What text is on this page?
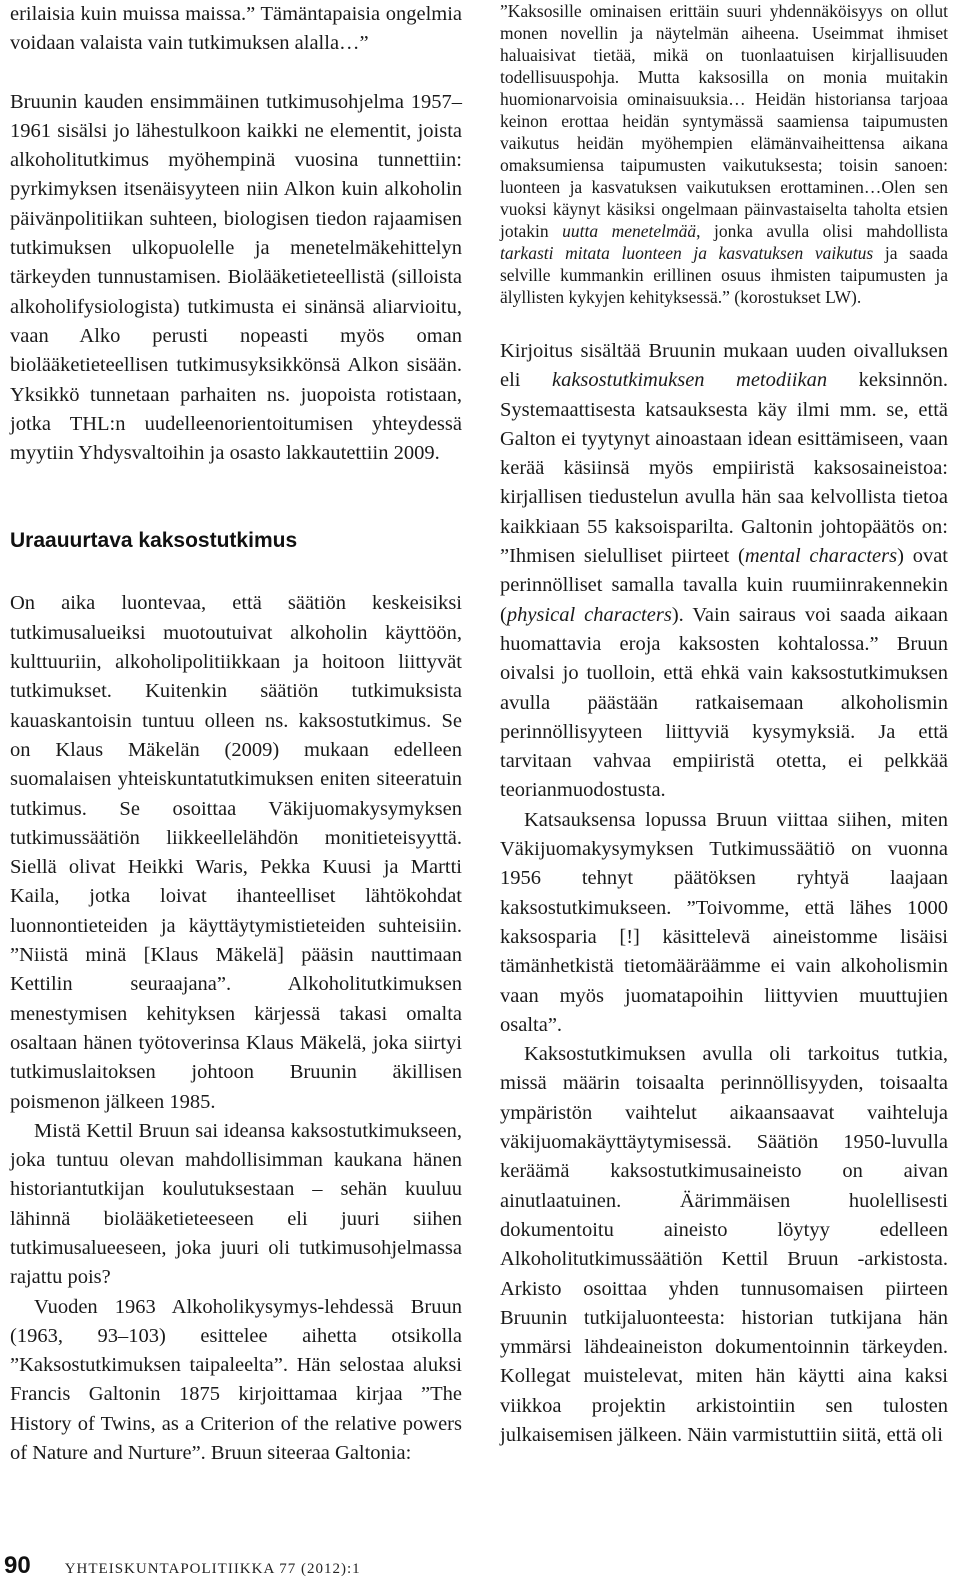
erilaisia kuin muissa maissa.” Tämäntapaisia ongelmia voidaan valaista vain tutkimuksen alalla…”

Bruunin kauden ensimmäinen tutkimusohjelma 1957–1961 sisälsi jo lähestulkoon kaikki ne elementit, joista alkoholitutkimus myöhempinä vuosina tunnettiin: pyrkimyksen itsenäisyyteen niin Alkon kuin alkoholin päivänpolitiikan suhteen, biologisen tiedon rajaamisen tutkimuksen ulkopuolelle ja menetelmäkehittelyn tärkeyden tunnustamisen. Biolääketieteellistä (silloista alkoholifysiologista) tutkimusta ei sinänsä aliarvioitu, vaan Alko perusti nopeasti myös oman biolääketieteellisen tutkimusyksikkönsä Alkon sisään. Yksikkö tunnetaan parhaiten ns. juopoista rotistaan, jotka THL:n uudelleenorientoitumisen yhteydessä myytiin Yhdysvaltoihin ja osasto lakkautettiin 2009.

Uraauurtava kaksostutkimus

On aika luontevaa, että säätiön keskeisiksi tutkimusalueiksi muotoutuivat alkoholin käyttöön, kulttuuriin, alkoholipolitiikkaan ja hoitoon liittyvät tutkimukset. Kuitenkin säätiön tutkimuksista kauaskantoisin tuntuu olleen ns. kaksostutkimus. Se on Klaus Mäkelän (2009) mukaan edelleen suomalaisen yhteiskuntatutkimuksen eniten siteeratuin tutkimus. Se osoittaa Väkijuomakysymyksen tutkimussäätiön liikkeellelähdön monitieteisyyttä. Siellä olivat Heikki Waris, Pekka Kuusi ja Martti Kaila, jotka loivat ihanteelliset lähtökohdat luonnontieteiden ja käyttäytymistieteiden suhteisiin. ”Niistä minä [Klaus Mäkelä] pääsin nauttimaan Kettilin seuraajana”. Alkoholitutkimuksen menestymisen kehityksen kärjessä takasi omalta osaltaan hänen työtoverinsa Klaus Mäkelä, joka siirtyi tutkimuslaitoksen johtoon Bruunin äkillisen poismenon jälkeen 1985.

Mistä Kettil Bruun sai ideansa kaksostutkimukseen, joka tuntuu olevan mahdollisimman kaukana hänen historiantutkijan koulutuksestaan – sehän kuuluu lähinnä biolääketieteeseen eli juuri siihen tutkimusalueeseen, joka juuri oli tutkimusohjelmassa rajattu pois?

Vuoden 1963 Alkoholikysymys-lehdessä Bruun (1963, 93–103) esittelee aihetta otsikolla ”Kaksostutkimuksen taipaleelta”. Hän selostaa aluksi Francis Galtonin 1875 kirjoittamaa kirjaa ”The History of Twins, as a Criterion of the relative powers of Nature and Nurture”. Bruun siteeraa Galtonia:

”Kaksosille ominaisen erittäin suuri yhdennäköisyys on ollut monen novellin ja näytelmän aiheena. Useimmat ihmiset haluaisivat tietää, mikä on tuonlaatuisen kirjallisuuden todellisuuspohja. Mutta kaksosilla on monia muitakin huomionarvoisia ominaisuuksia… Heidän historiansa tarjoaa keinon erottaa heidän syntymässä saamiensa taipumusten vaikutus heidän myöhempien elämänvaiheittensa aikana omaksumiensa taipumusten vaikutuksesta; toisin sanoen: luonteen ja kasvatuksen vaikutuksen erottaminen…Olen sen vuoksi käynyt käsiksi ongelmaan päinvastaiselta taholta etsien jotakin uutta menetelmää, jonka avulla olisi mahdollista tarkasti mitata luonteen ja kasvatuksen vaikutus ja saada selville kummankin erillinen osuus ihmisten taipumusten ja älyllisten kykyjen kehityksessä.” (korostukset LW).

Kirjoitus sisältää Bruunin mukaan uuden oivalluksen eli kaksostutkimuksen metodiikan keksinnön. Systemaattisesta katsauksesta käy ilmi mm. se, että Galton ei tyytynyt ainoastaan idean esittämiseen, vaan kerää käsiinsä myös empiiristä kaksosaineistoa: kirjallisen tiedustelun avulla hän saa kelvollista tietoa kaikkiaan 55 kaksoisparilta. Galtonin johtopäätös on: ”Ihmisen sielulliset piirteet (mental characters) ovat perinnölliset samalla tavalla kuin ruumiinrakennekin (physical characters). Vain sairaus voi saada aikaan huomattavia eroja kaksosten kohtalossa.” Bruun oivalsi jo tuolloin, että ehkä vain kaksostutkimuksen avulla päästään ratkaisemaan alkoholismin perinnöllisyyteen liittyviä kysymyksiä. Ja että tarvitaan vahvaa empiiristä otetta, ei pelkkää teorianmuodostusta.

Katsauksensa lopussa Bruun viittaa siihen, miten Väkijuomakysymyksen Tutkimussäätiö on vuonna 1956 tehnyt päätöksen ryhtyä laajaan kaksostutkimukseen. ”Toivomme, että lähes 1000 kaksosparia [!] käsittelevä aineistomme lisäisi tämänhetkistä tietomääräämme ei vain alkoholismin vaan myös juomatapoihin liittyvien muuttujien osalta”.

Kaksostutkimuksen avulla oli tarkoitus tutkia, missä määrin toisaalta perinnöllisyyden, toisaalta ympäristön vaihtelut aikaansaavat vaihteluja väkijuomakäyttäytymisessä. Säätiön 1950-luvulla keräämä kaksostutkimusaineisto on aivan ainutlaatuinen. Äärimmäisen huolellisesti dokumentoitu aineisto löytyy edelleen Alkoholitutkimussäätiön Kettil Bruun -arkistosta. Arkisto osoittaa yhden tunnusomaisen piirteen Bruunin tutkijaluonteesta: historian tutkijana hän ymmärsi lähdeaineiston dokumentoinnin tärkeyden. Kollegat muistelevat, miten hän käytti aina kaksi viikkoa projektin arkistointiin sen tulosten julkaisemisen jälkeen. Näin varmistuttiin siitä, että oli

90 YHTEISKUNTAPOLITIIKKA 77 (2012):1
